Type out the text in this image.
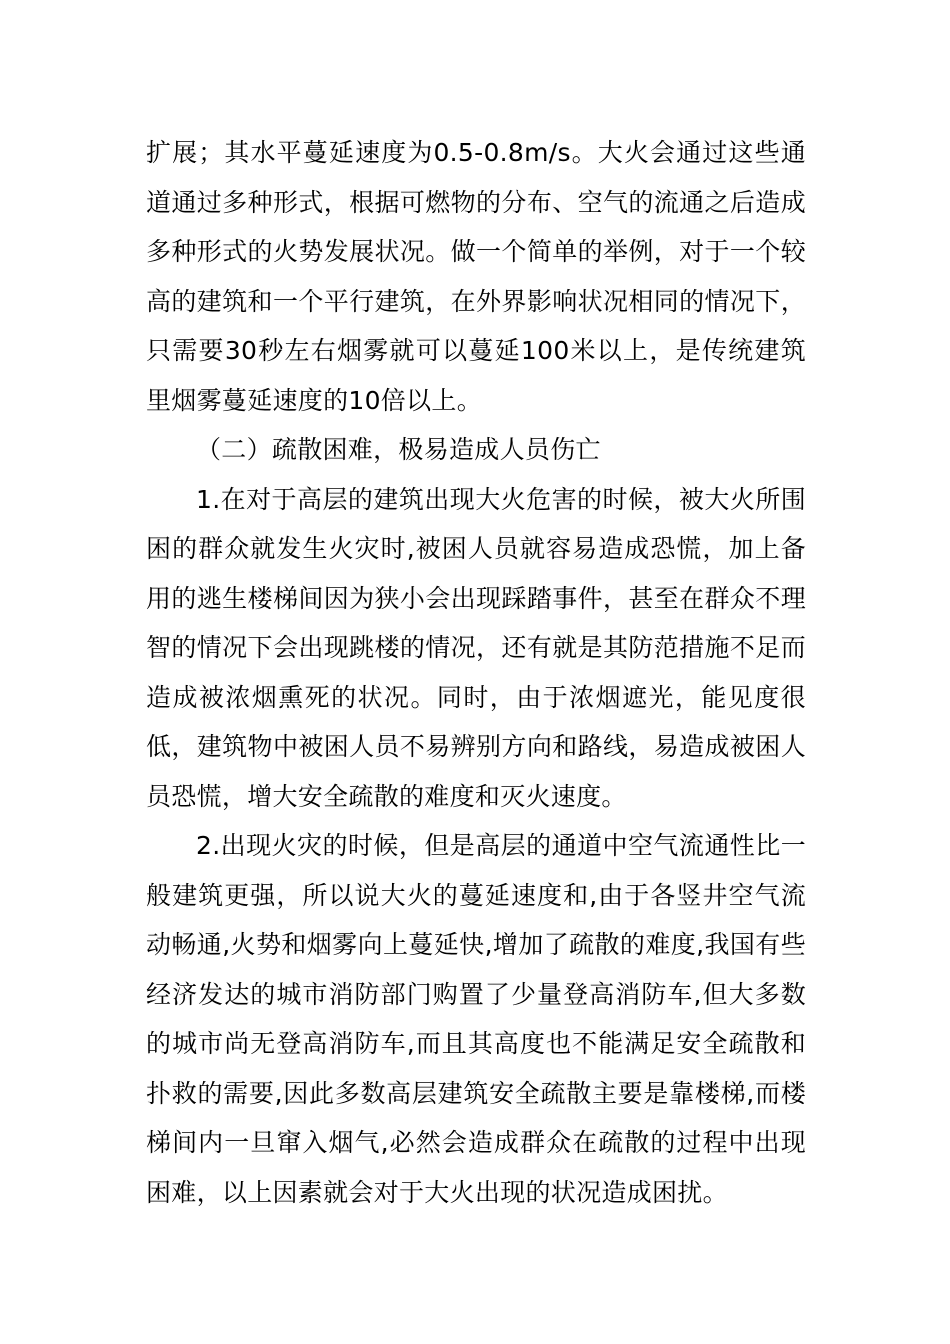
扩展；其水平蔓延速度为0.5-0.8m/s。大火会通过这些通道通过多种形式，根据可燃物的分布、空气的流通之后造成多种形式的火势发展状况。做一个简单的举例，对于一个较高的建筑和一个平行建筑，在外界影响状况相同的情况下，只需要30秒左右烟雾就可以蔓延100米以上，是传统建筑里烟雾蔓延速度的10倍以上。

（二）疏散困难，极易造成人员伤亡

1.在对于高层的建筑出现大火危害的时候，被大火所围困的群众就发生火灾时,被困人员就容易造成恐慌，加上备用的逃生楼梯间因为狭小会出现踩踏事件，甚至在群众不理智的情况下会出现跳楼的情况，还有就是其防范措施不足而造成被浓烟熏死的状况。同时，由于浓烟遮光，能见度很低，建筑物中被困人员不易辨别方向和路线，易造成被困人员恐慌，增大安全疏散的难度和灭火速度。

2.出现火灾的时候，但是高层的通道中空气流通性比一般建筑更强，所以说大火的蔓延速度和,由于各竖井空气流动畅通,火势和烟雾向上蔓延快,增加了疏散的难度,我国有些经济发达的城市消防部门购置了少量登高消防车,但大多数的城市尚无登高消防车,而且其高度也不能满足安全疏散和扑救的需要,因此多数高层建筑安全疏散主要是靠楼梯,而楼梯间内一旦窜入烟气,必然会造成群众在疏散的过程中出现困难，以上因素就会对于大火出现的状况造成困扰。
